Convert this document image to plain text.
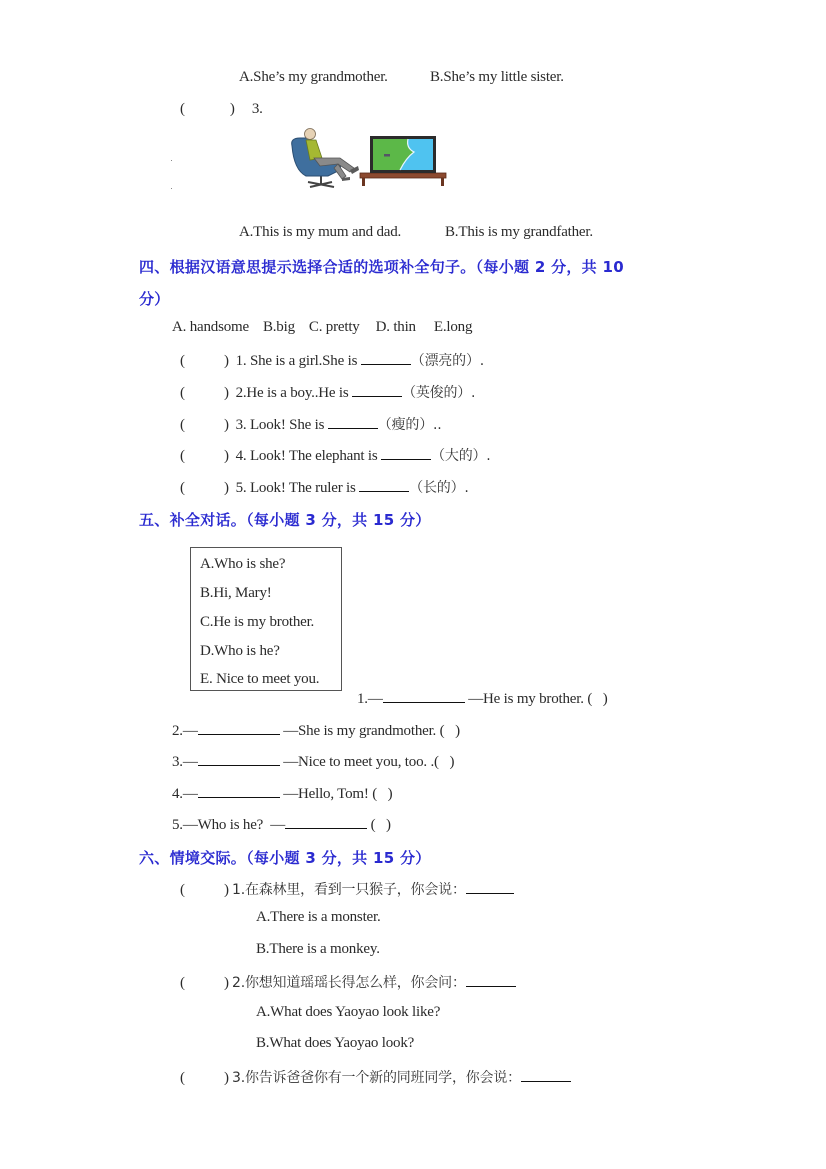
A.She’s my grandmother.	B.She’s my little sister.
(	) 3.
A.This is my mum and dad.	B.This is my grandfather.
四、根据汉语意思提示选择合适的选项补全句子。（每小题 2 分，共 10
分）
A. handsome B.big C. pretty D. thin E.long
(	) 1. She is a girl.She is	（漂亮的）.
(	) 2.He is a boy..He is	（英俊的）.
(	) 3. Look! She is	（瘦的）..
(	) 4. Look! The elephant is	（大的）.
(	) 5. Look! The ruler is	（长的）.
五、补全对话。（每小题 3 分，共 15 分）
A.Who is she?
B.Hi, Mary!
C.He is my brother.
D.Who is he?
E. Nice to meet you.
1.—	—He is my brother. (   )
2.—	—She is my grandmother. (   )
3.—	—Nice to meet you, too. .(   )
4.—	—Hello, Tom! (   )
5.—Who is he?  —	(   )
六、情境交际。（每小题 3 分，共 15 分）
(	) 1.在森林里，看到一只猴子，你会说：
A.There is a monster.
B.There is a monkey.
(	) 2.你想知道瑶瑶长得怎么样，你会问：
A.What does Yaoyao look like?
B.What does Yaoyao look?
(	) 3.你告诉爸爸你有一个新的同班同学，你会说：
